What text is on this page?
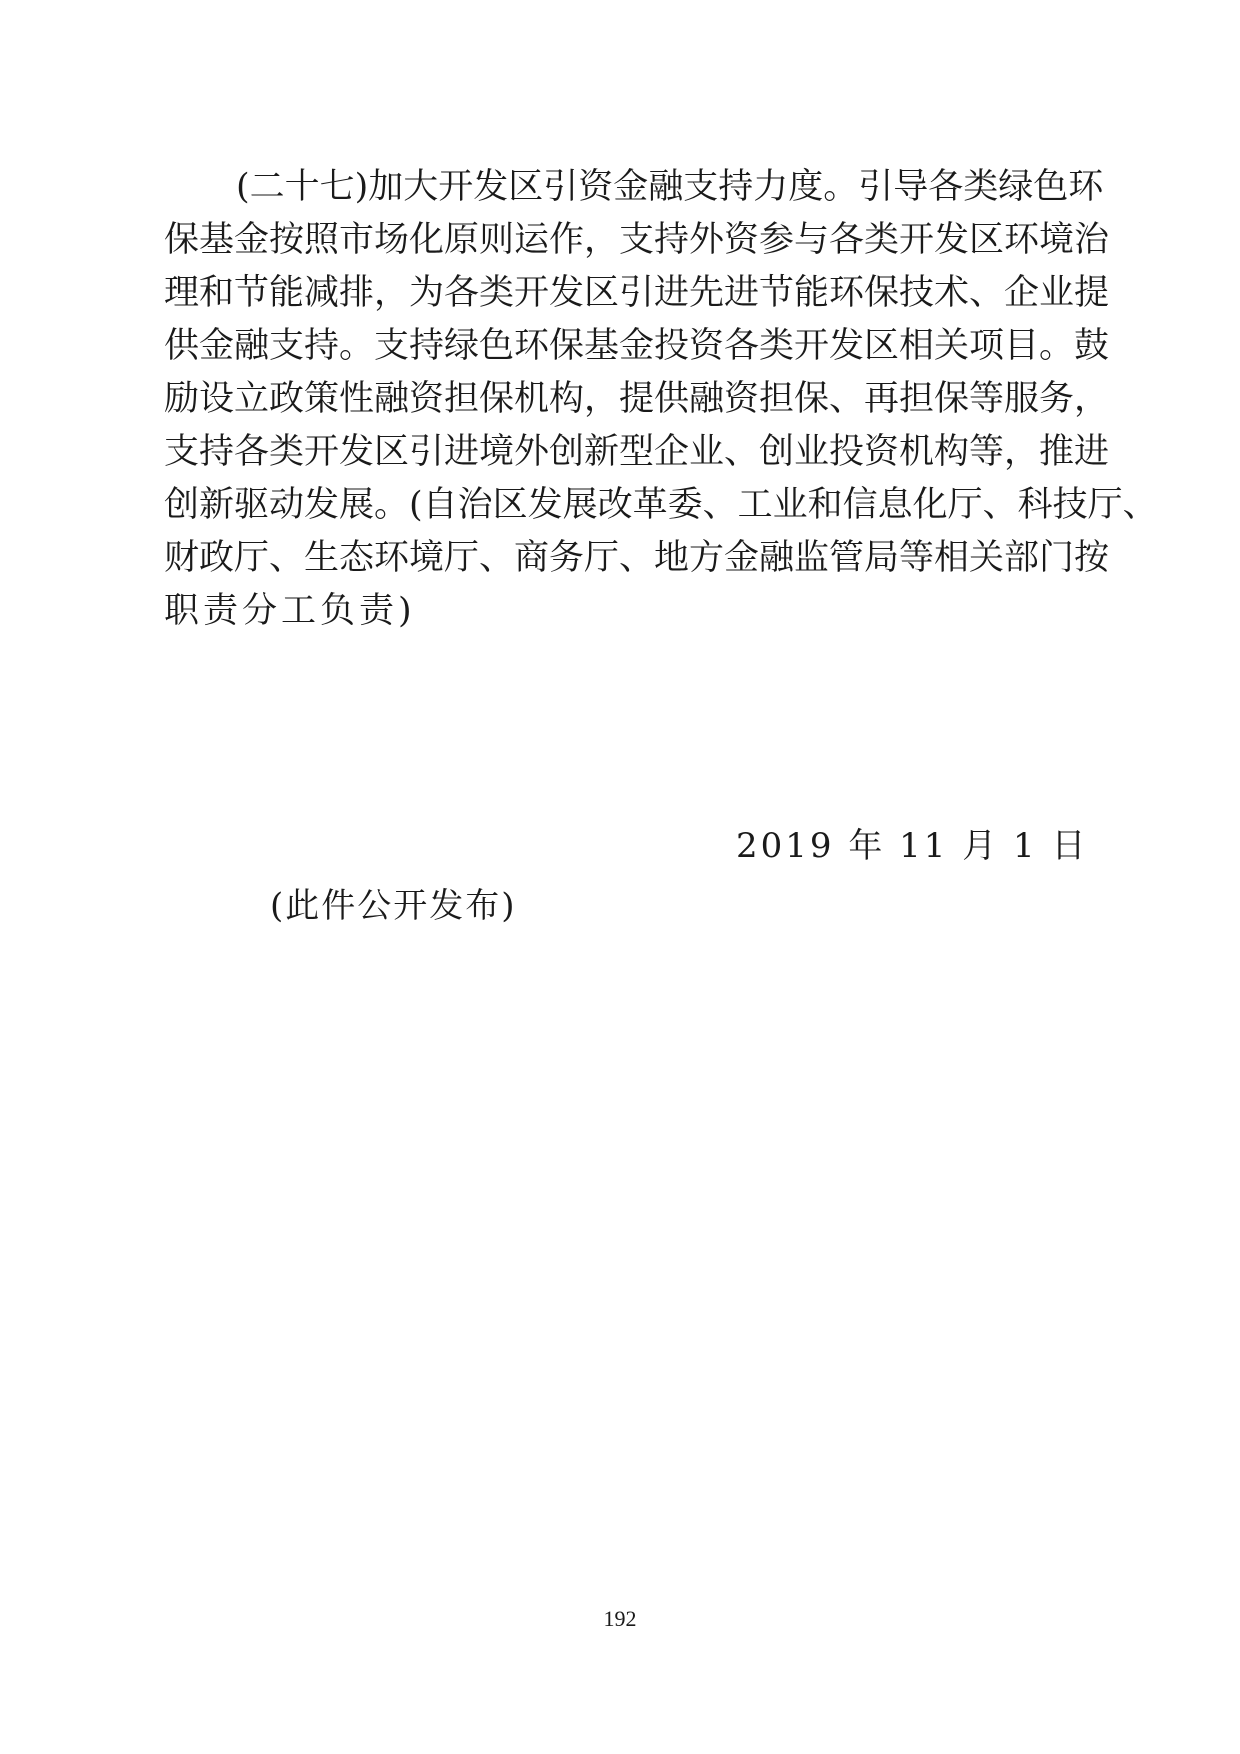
(二十七)加大开发区引资金融支持力度。引导各类绿色环
保基金按照市场化原则运作，支持外资参与各类开发区环境治
理和节能减排，为各类开发区引进先进节能环保技术、企业提
供金融支持。支持绿色环保基金投资各类开发区相关项目。鼓
励设立政策性融资担保机构，提供融资担保、再担保等服务，
支持各类开发区引进境外创新型企业、创业投资机构等，推进
创新驱动发展。(自治区发展改革委、工业和信息化厅、科技厅、
财政厅、生态环境厅、商务厅、地方金融监管局等相关部门按
职责分工负责)
2019 年 11 月 1 日
(此件公开发布)
192
